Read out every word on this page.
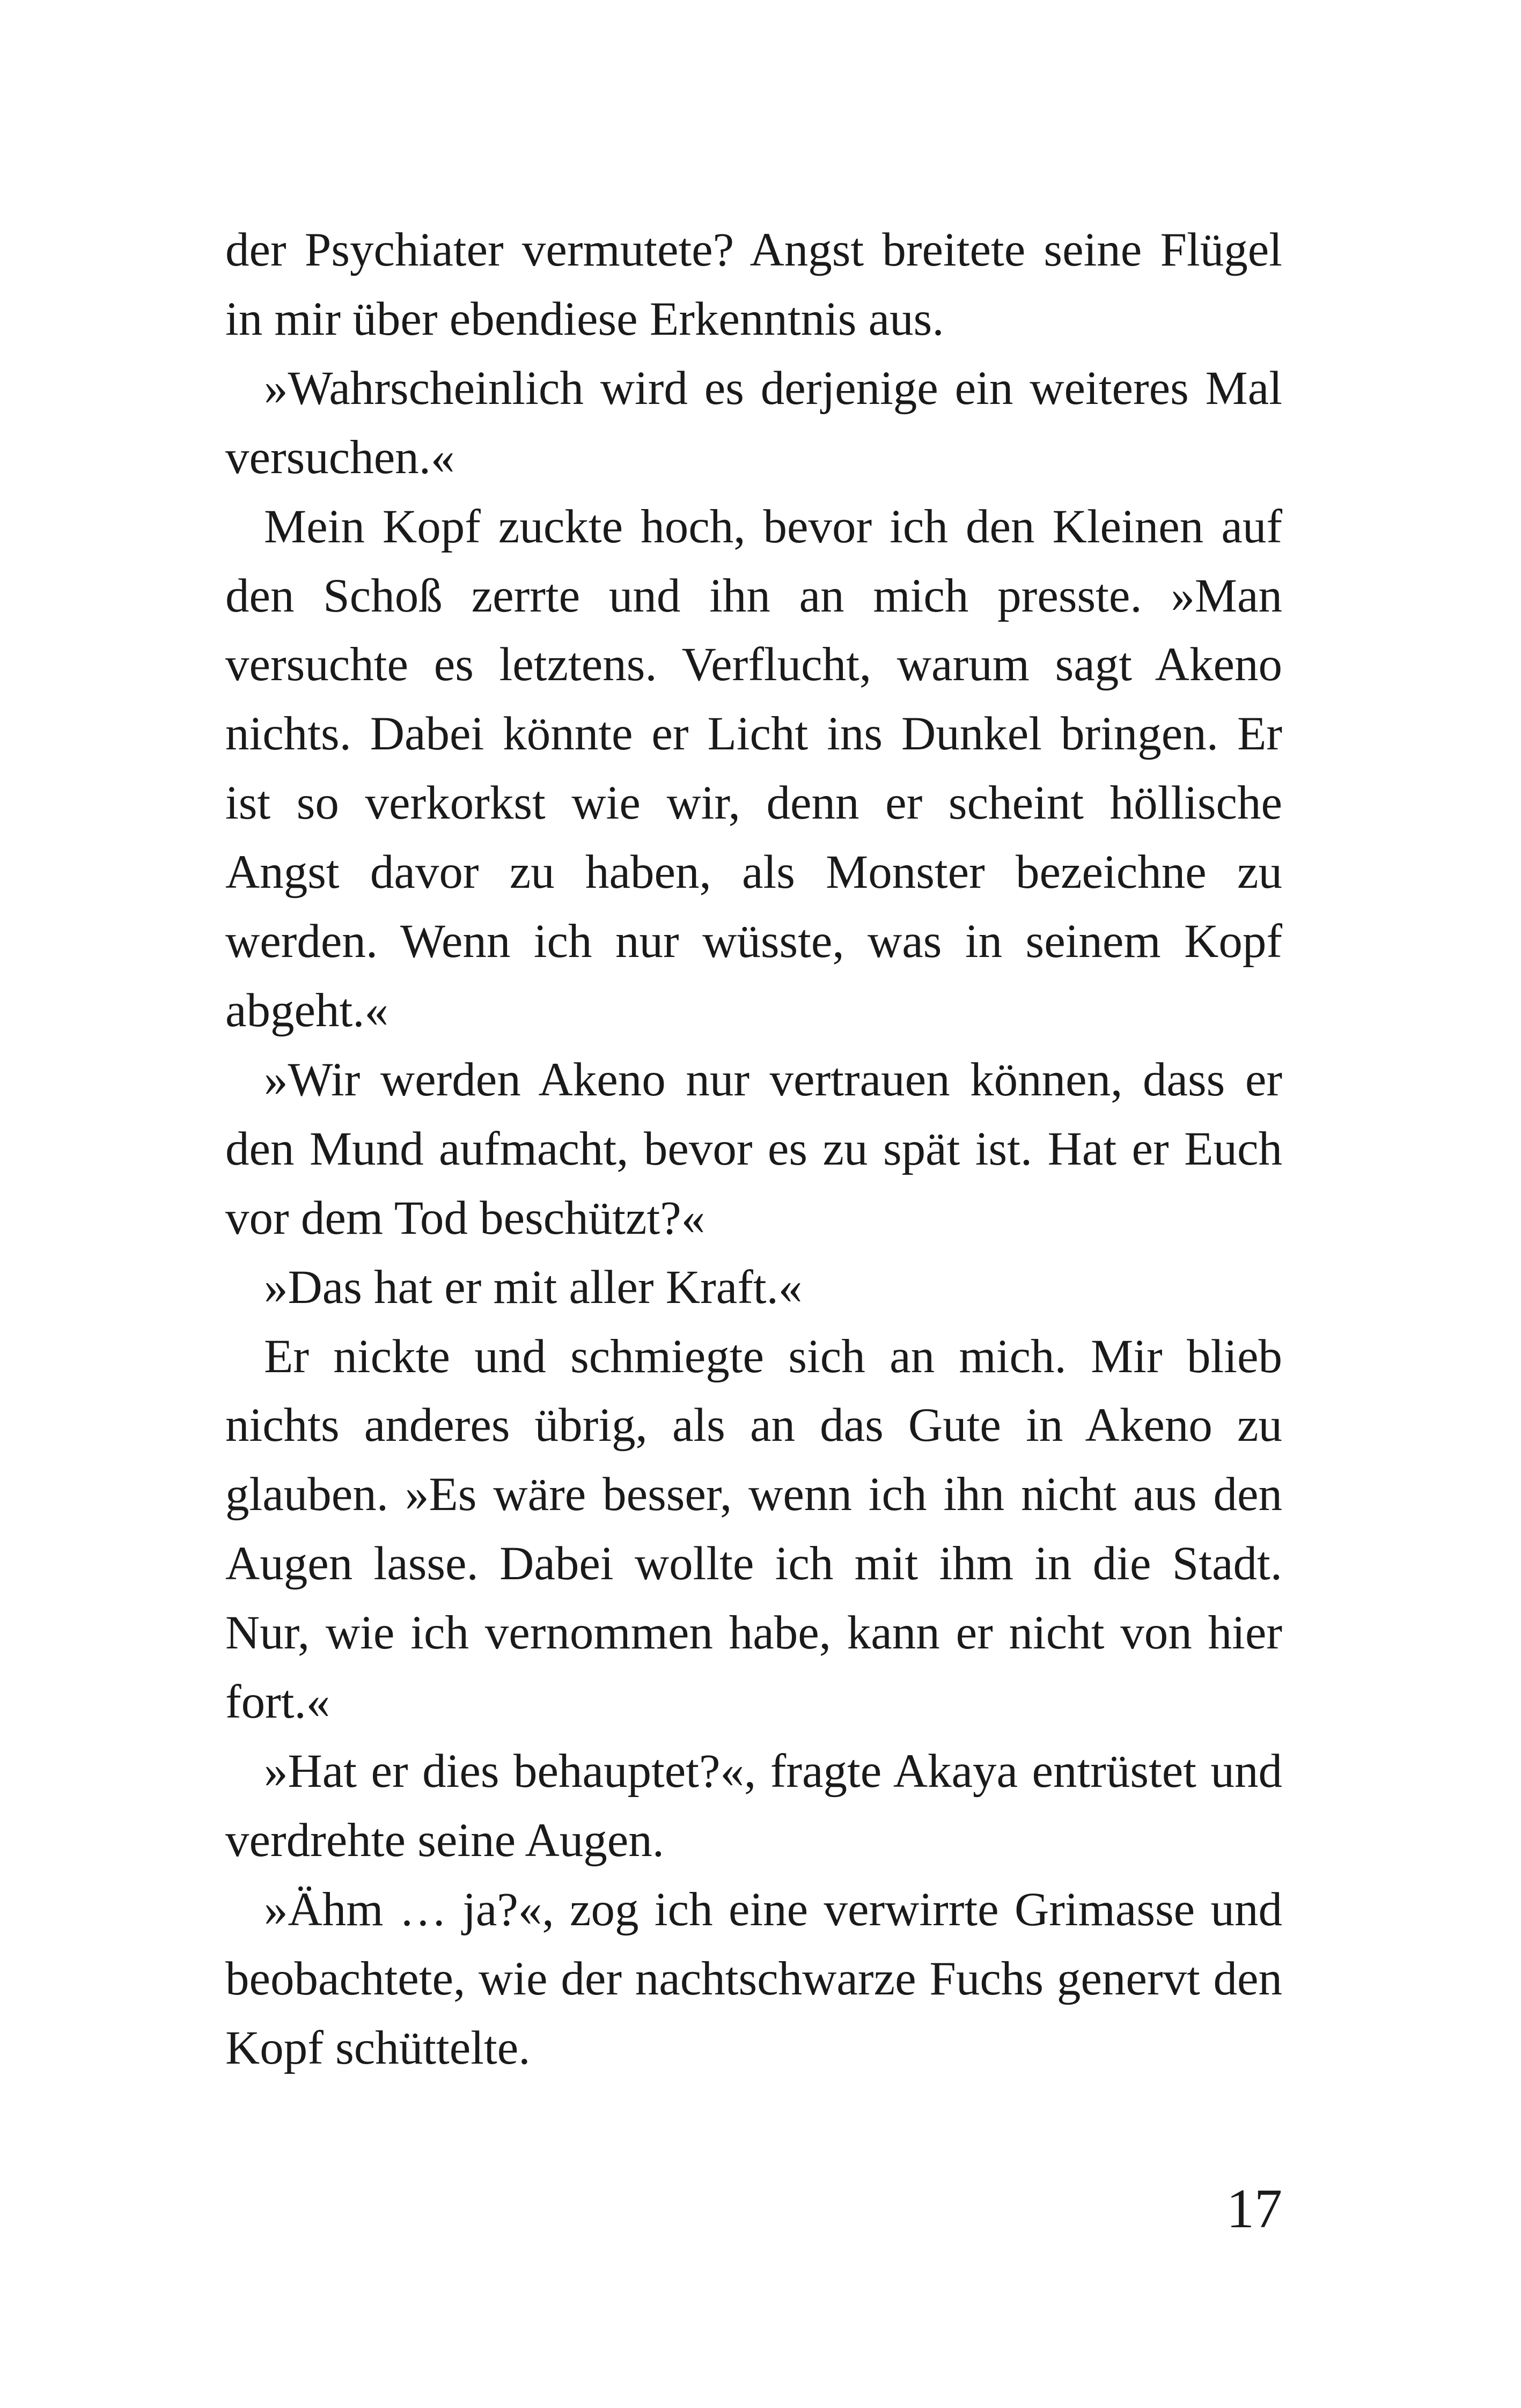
der Psychiater vermutete? Angst breitete seine Flügel in mir über ebendiese Erkenntnis aus.

»Wahrscheinlich wird es derjenige ein weiteres Mal versuchen.«

Mein Kopf zuckte hoch, bevor ich den Kleinen auf den Schoß zerrte und ihn an mich presste. »Man versuchte es letztens. Verflucht, warum sagt Akeno nichts. Dabei könnte er Licht ins Dunkel bringen. Er ist so verkorkst wie wir, denn er scheint höllische Angst davor zu haben, als Monster bezeichne zu werden. Wenn ich nur wüsste, was in seinem Kopf abgeht.«

»Wir werden Akeno nur vertrauen können, dass er den Mund aufmacht, bevor es zu spät ist. Hat er Euch vor dem Tod beschützt?«

»Das hat er mit aller Kraft.«

Er nickte und schmiegte sich an mich. Mir blieb nichts anderes übrig, als an das Gute in Akeno zu glauben. »Es wäre besser, wenn ich ihn nicht aus den Augen lasse. Dabei wollte ich mit ihm in die Stadt. Nur, wie ich vernommen habe, kann er nicht von hier fort.«

»Hat er dies behauptet?«, fragte Akaya entrüstet und verdrehte seine Augen.

»Ähm … ja?«, zog ich eine verwirrte Grimasse und beobachtete, wie der nachtschwarze Fuchs genervt den Kopf schüttelte.

17
